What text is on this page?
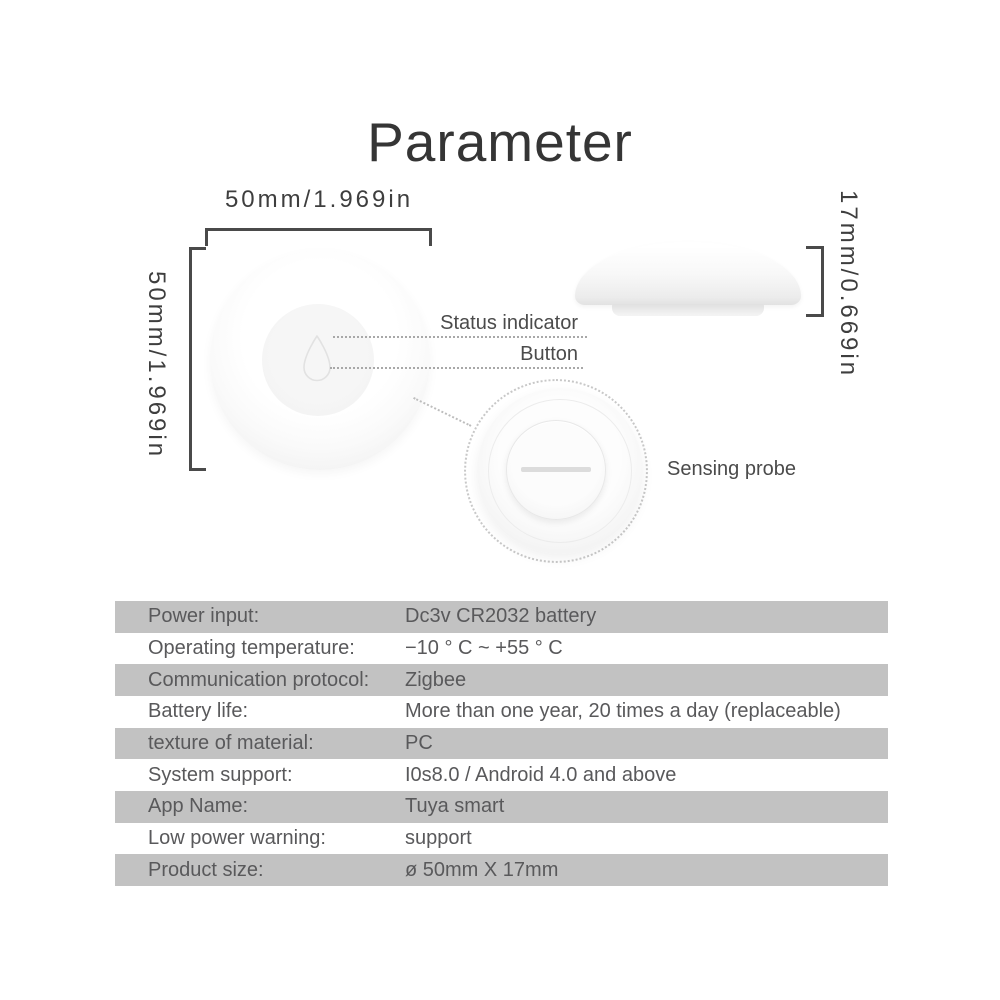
Parameter
50mm/1.969in
50mm/1.969in	17mm/0.669in
Status indicator
Button
Sensing probe
Power input:	Dc3v CR2032 battery
Operating temperature:	−10 ° C ~ +55 ° C
Communication protocol:	Zigbee
Battery life:	More than one year, 20 times a day (replaceable)
texture of material:	PC
System support:	I0s8.0 / Android 4.0 and above
App Name:	Tuya smart
Low power warning:	support
Product size:	ø 50mm X 17mm
